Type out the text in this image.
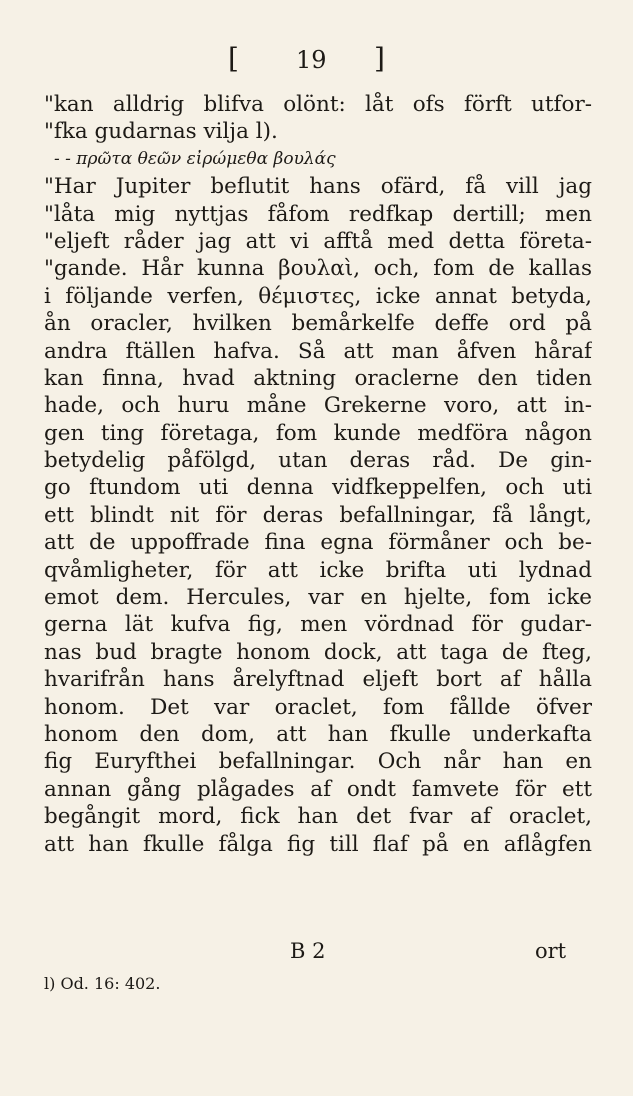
[ 19 ]
"kan alldrig blifva olönt: låt ofs förft utfor-
"fka gudarnas vilja l).
- - πρῶτα θεῶν εἰρώμεθα βουλάς
"Har Jupiter beflutit hans ofärd, få vill jag
"låta mig nyttjas fåfom redfkap dertill; men
"eljeft råder jag att vi afftå med detta företa-
"gande. Hår kunna βουλαὶ, och, fom de kallas
i följande verfen, θέμιστες, icke annat betyda,
ån oracler, hvilken bemårkelfe deffe ord på
andra ftällen hafva. Så att man åfven håraf
kan finna, hvad aktning oraclerne den tiden
hade, och huru måne Grekerne voro, att in-
gen ting företaga, fom kunde medföra någon
betydelig påfölgd, utan deras råd. De gin-
go ftundom uti denna vidfkeppelfen, och uti
ett blindt nit för deras befallningar, få långt,
att de uppoffrade fina egna förmåner och be-
qvåmligheter, för att icke brifta uti lydnad
emot dem. Hercules, var en hjelte, fom icke
gerna lät kufva fig, men vördnad för gudar-
nas bud bragte honom dock, att taga de fteg,
hvarifrån hans årelyftnad eljeft bort af hålla
honom. Det var oraclet, fom fållde öfver
honom den dom, att han fkulle underkafta
fig Euryfthei befallningar. Och når han en
annan gång plågades af ondt famvete för ett
begångit mord, fick han det fvar af oraclet,
att han fkulle fålga fig till flaf på en aflågfen
B 2	ort
l) Od. 16: 402.
